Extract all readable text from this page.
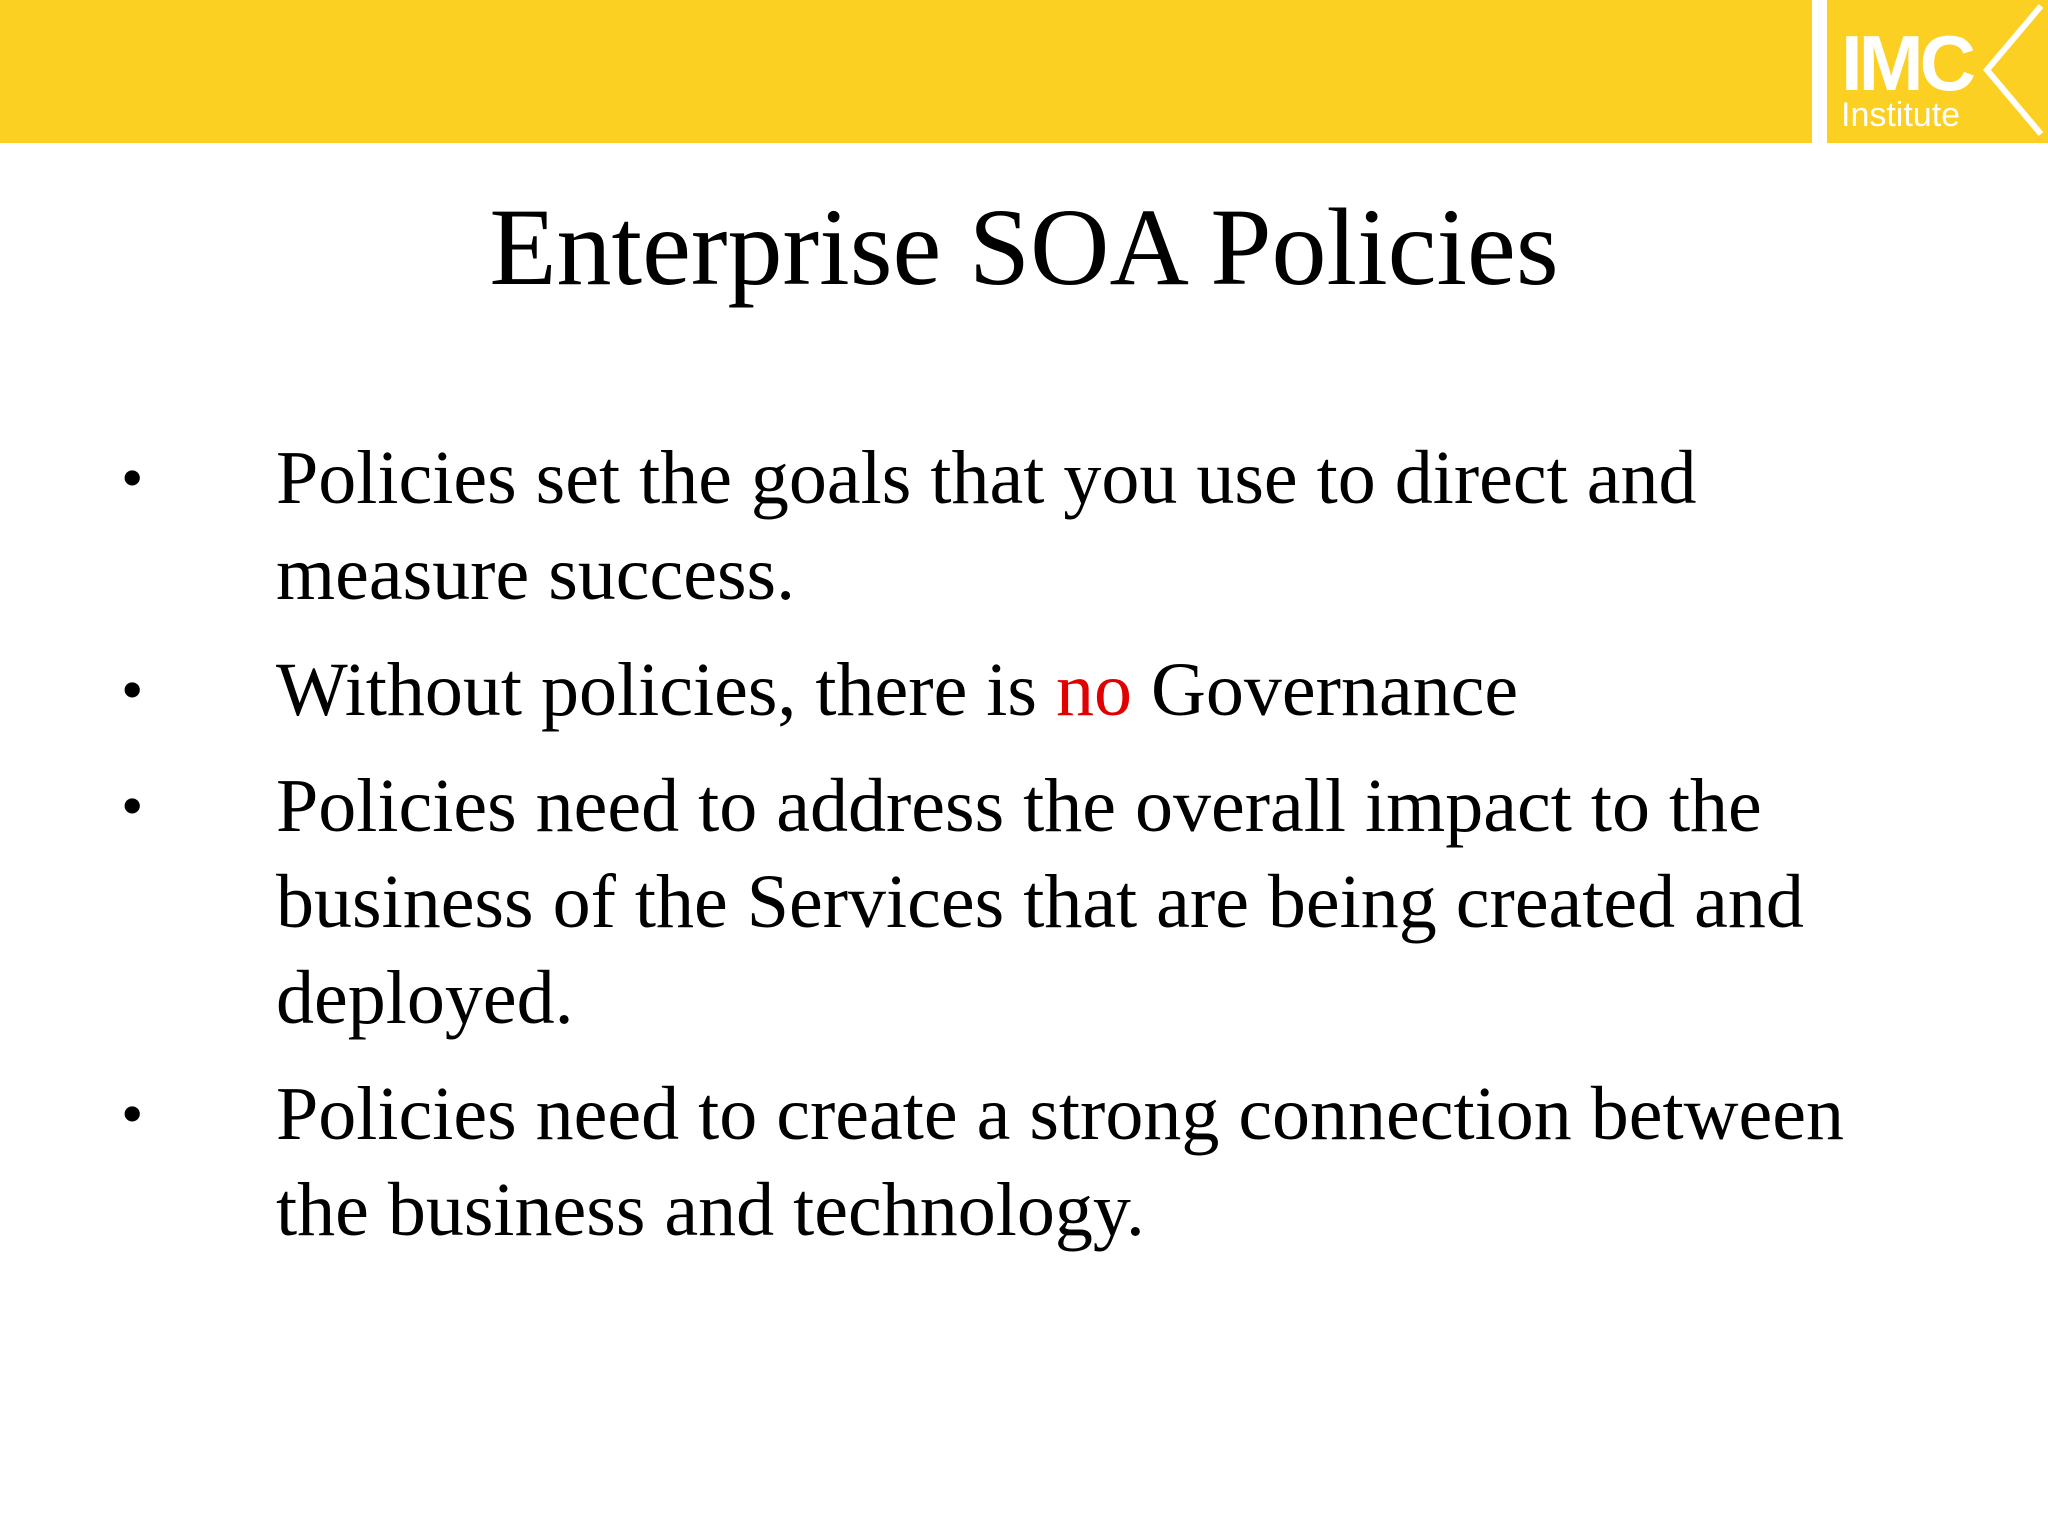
IMC
Institute
Enterprise SOA Policies
• Policies set the goals that you use to direct and
measure success.
• Without policies, there is no Governance
• Policies need to address the overall impact to the
business of the Services that are being created and
deployed.
• Policies need to create a strong connection between
the business and technology.
